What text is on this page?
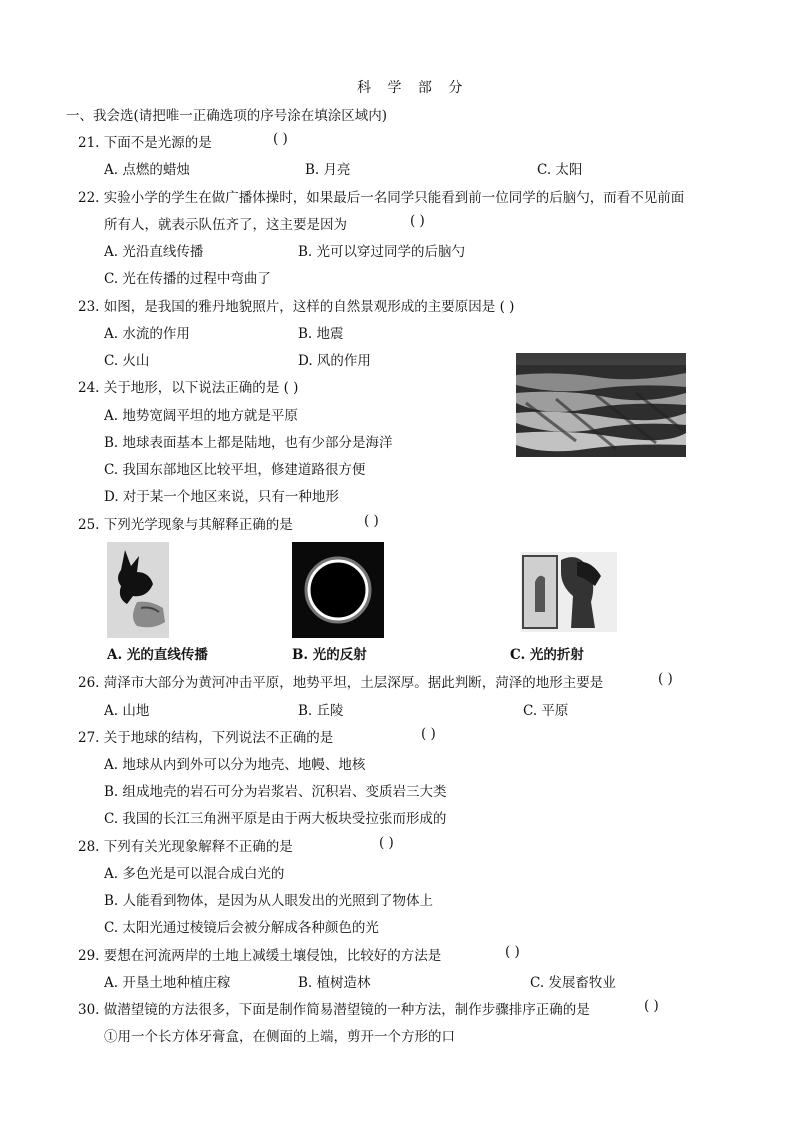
科 学 部 分
一、我会选(请把唯一正确选项的序号涂在填涂区域内)
21. 下面不是光源的是	( )
A. 点燃的蜡烛	B. 月亮	C. 太阳
22. 实验小学的学生在做广播体操时，如果最后一名同学只能看到前一位同学的后脑勺，而看不见前面
所有人，就表示队伍齐了，这主要是因为	( )
A. 光沿直线传播	B. 光可以穿过同学的后脑勺
C. 光在传播的过程中弯曲了
23. 如图，是我国的雅丹地貌照片，这样的自然景观形成的主要原因是 ( )
A. 水流的作用	B. 地震
C. 火山	D. 风的作用
24. 关于地形，以下说法正确的是 ( )
A. 地势宽阔平坦的地方就是平原
B. 地球表面基本上都是陆地，也有少部分是海洋
C. 我国东部地区比较平坦，修建道路很方便
D. 对于某一个地区来说，只有一种地形
25. 下列光学现象与其解释正确的是	( )
A. 光的直线传播	B. 光的反射	C. 光的折射
26. 菏泽市大部分为黄河冲击平原，地势平坦，土层深厚。据此判断，菏泽的地形主要是	( )
A. 山地	B. 丘陵	C. 平原
27. 关于地球的结构，下列说法不正确的是	( )
A. 地球从内到外可以分为地壳、地幔、地核
B. 组成地壳的岩石可分为岩浆岩、沉积岩、变质岩三大类
C. 我国的长江三角洲平原是由于两大板块受拉张而形成的
28. 下列有关光现象解释不正确的是	( )
A. 多色光是可以混合成白光的
B. 人能看到物体，是因为从人眼发出的光照到了物体上
C. 太阳光通过棱镜后会被分解成各种颜色的光
29. 要想在河流两岸的土地上减缓土壤侵蚀，比较好的方法是	( )
A. 开垦土地种植庄稼	B. 植树造林	C. 发展畜牧业
30. 做潜望镜的方法很多，下面是制作简易潜望镜的一种方法，制作步骤排序正确的是	( )
①用一个长方体牙膏盒，在侧面的上端，剪开一个方形的口
